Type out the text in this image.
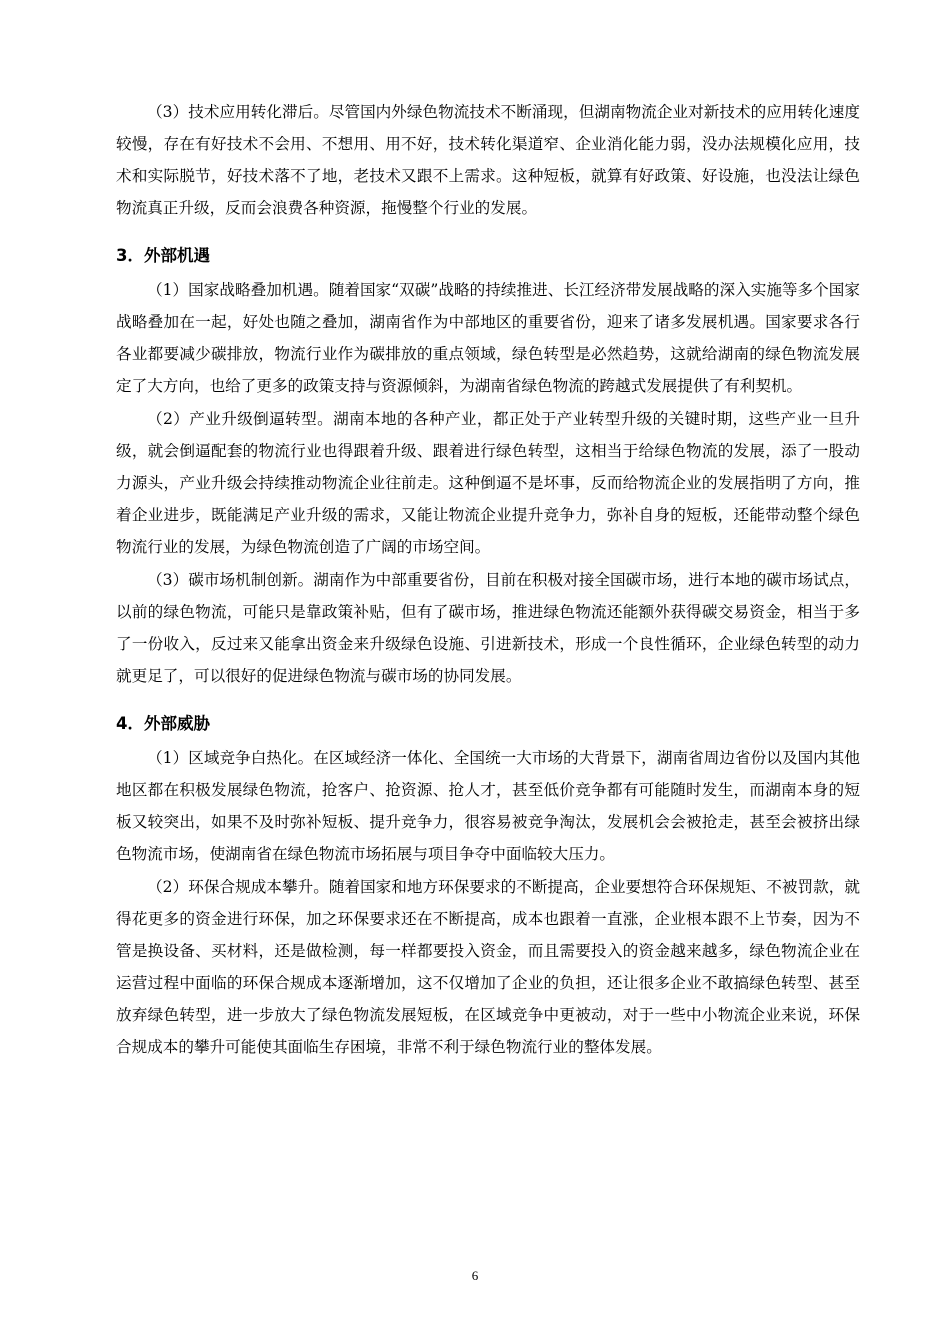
（3）技术应用转化滞后。尽管国内外绿色物流技术不断涌现，但湖南物流企业对新技术的应用转化速度较慢，存在有好技术不会用、不想用、用不好，技术转化渠道窄、企业消化能力弱，没办法规模化应用，技术和实际脱节，好技术落不了地，老技术又跟不上需求。这种短板，就算有好政策、好设施，也没法让绿色物流真正升级，反而会浪费各种资源，拖慢整个行业的发展。

3．外部机遇

（1）国家战略叠加机遇。随着国家“双碳”战略的持续推进、长江经济带发展战略的深入实施等多个国家战略叠加在一起，好处也随之叠加，湖南省作为中部地区的重要省份，迎来了诸多发展机遇。国家要求各行各业都要减少碳排放，物流行业作为碳排放的重点领域，绿色转型是必然趋势，这就给湖南的绿色物流发展定了大方向，也给了更多的政策支持与资源倾斜，为湖南省绿色物流的跨越式发展提供了有利契机。

（2）产业升级倒逼转型。湖南本地的各种产业，都正处于产业转型升级的关键时期，这些产业一旦升级，就会倒逼配套的物流行业也得跟着升级、跟着进行绿色转型，这相当于给绿色物流的发展，添了一股动力源头，产业升级会持续推动物流企业往前走。这种倒逼不是坏事，反而给物流企业的发展指明了方向，推着企业进步，既能满足产业升级的需求，又能让物流企业提升竞争力，弥补自身的短板，还能带动整个绿色物流行业的发展，为绿色物流创造了广阔的市场空间。

（3）碳市场机制创新。湖南作为中部重要省份，目前在积极对接全国碳市场，进行本地的碳市场试点，以前的绿色物流，可能只是靠政策补贴，但有了碳市场，推进绿色物流还能额外获得碳交易资金，相当于多了一份收入，反过来又能拿出资金来升级绿色设施、引进新技术，形成一个良性循环，企业绿色转型的动力就更足了，可以很好的促进绿色物流与碳市场的协同发展。

4．外部威胁

（1）区域竞争白热化。在区域经济一体化、全国统一大市场的大背景下，湖南省周边省份以及国内其他地区都在积极发展绿色物流，抢客户、抢资源、抢人才，甚至低价竞争都有可能随时发生，而湖南本身的短板又较突出，如果不及时弥补短板、提升竞争力，很容易被竞争淘汰，发展机会会被抢走，甚至会被挤出绿色物流市场，使湖南省在绿色物流市场拓展与项目争夺中面临较大压力。

（2）环保合规成本攀升。随着国家和地方环保要求的不断提高，企业要想符合环保规矩、不被罚款，就得花更多的资金进行环保，加之环保要求还在不断提高，成本也跟着一直涨，企业根本跟不上节奏，因为不管是换设备、买材料，还是做检测，每一样都要投入资金，而且需要投入的资金越来越多，绿色物流企业在运营过程中面临的环保合规成本逐渐增加，这不仅增加了企业的负担，还让很多企业不敢搞绿色转型、甚至放弃绿色转型，进一步放大了绿色物流发展短板，在区域竞争中更被动，对于一些中小物流企业来说，环保合规成本的攀升可能使其面临生存困境，非常不利于绿色物流行业的整体发展。

6
